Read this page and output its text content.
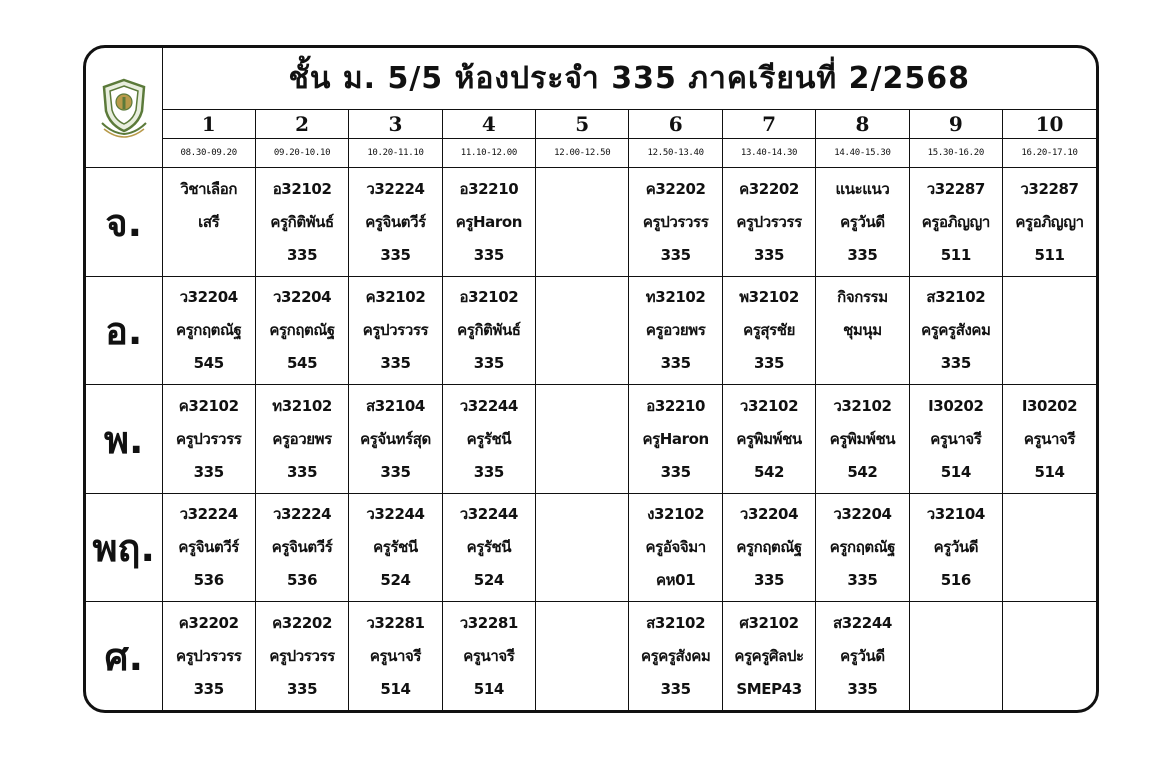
	ชั้น ม. 5/5 ห้องประจำ 335 ภาคเรียนที่ 2/2568									
	1	2	3	4	5	6	7	8	9	10
	08.30-09.20	09.20-10.10	10.20-11.10	11.10-12.00	12.00-12.50	12.50-13.40	13.40-14.30	14.40-15.30	15.30-16.20	16.20-17.10
จ.	วิชาเลือก
เสรี	อ32102
ครูกิติพันธ์
335	ว32224
ครูจินตวีร์
335	อ32210
ครูHaron
335		ค32202
ครูปวรวรร
335	ค32202
ครูปวรวรร
335	แนะแนว
ครูวันดี
335	ว32287
ครูอภิญญา
511	ว32287
ครูอภิญญา
511

อ.	ว32204
ครูกฤตณัฐ
545	ว32204
ครูกฤตณัฐ
545	ค32102
ครูปวรวรร
335	อ32102
ครูกิติพันธ์
335		ท32102
ครูอวยพร
335	พ32102
ครูสุรชัย
335	กิจกรรม
ชุมนุม	ส32102
ครูครูสังคม
335	

พ.	ค32102
ครูปวรวรร
335	ท32102
ครูอวยพร
335	ส32104
ครูจันทร์สุด
335	ว32244
ครูรัชนี
335		อ32210
ครูHaron
335	ว32102
ครูพิมพ์ชน
542	ว32102
ครูพิมพ์ชน
542	I30202
ครูนาจรี
514	I30202
ครูนาจรี
514

พฤ.	ว32224
ครูจินตวีร์
536	ว32224
ครูจินตวีร์
536	ว32244
ครูรัชนี
524	ว32244
ครูรัชนี
524		ง32102
ครูอัจจิมา
คห01	ว32204
ครูกฤตณัฐ
335	ว32204
ครูกฤตณัฐ
335	ว32104
ครูวันดี
516	

ศ.	ค32202
ครูปวรวรร
335	ค32202
ครูปวรวรร
335	ว32281
ครูนาจรี
514	ว32281
ครูนาจรี
514		ส32102
ครูครูสังคม
335	ศ32102
ครูครูศิลปะ
SMEP43	ส32244
ครูวันดี
335		
